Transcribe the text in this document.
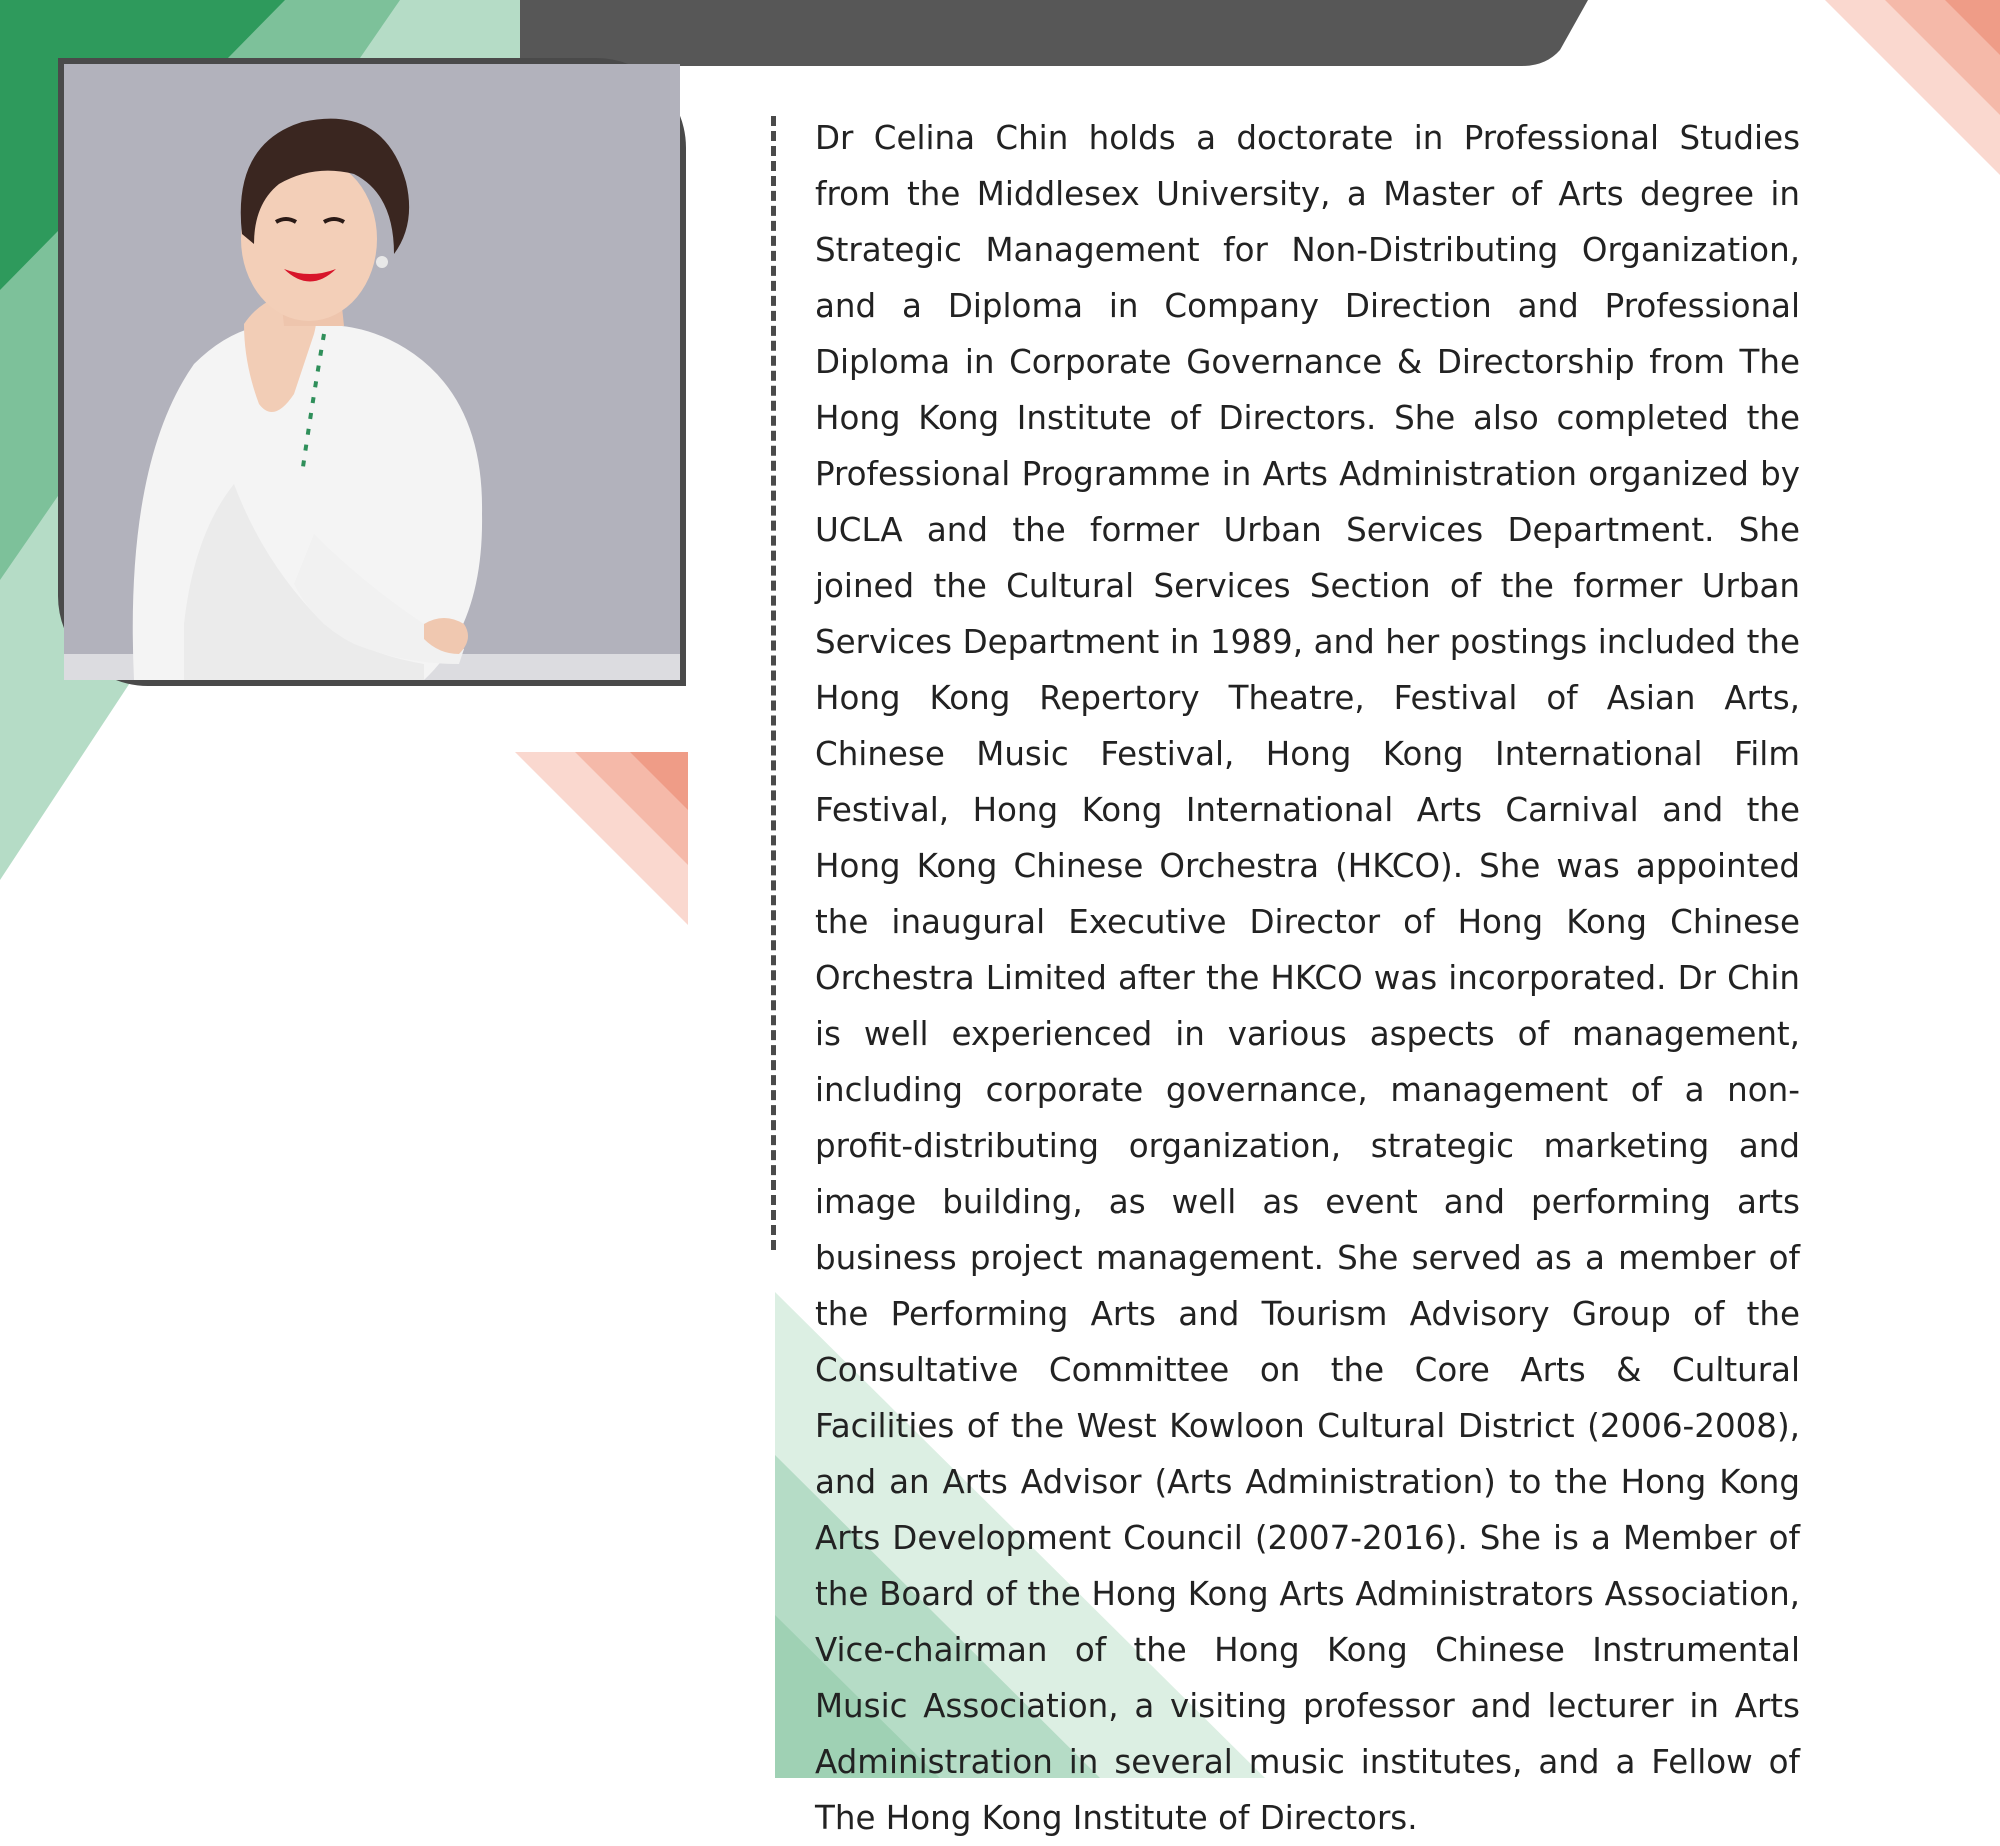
Dr Celina Chin holds a doctorate in Professional Studies from the Middlesex University, a Master of Arts degree in Strategic Management for Non-Distributing Organization, and a Diploma in Company Direction and Professional Diploma in Corporate Governance & Directorship from The Hong Kong Institute of Directors. She also completed the Professional Programme in Arts Administration organized by UCLA and the former Urban Services Department. She joined the Cultural Services Section of the former Urban Services Department in 1989, and her postings included the Hong Kong Repertory Theatre, Festival of Asian Arts, Chinese Music Festival, Hong Kong International Film Festival, Hong Kong International Arts Carnival and the Hong Kong Chinese Orchestra (HKCO). She was appointed the inaugural Executive Director of Hong Kong Chinese Orchestra Limited after the HKCO was incorporated. Dr Chin is well experienced in various aspects of management, including corporate governance, management of a non-profit-distributing organization, strategic marketing and image building, as well as event and performing arts business project management. She served as a member of the Performing Arts and Tourism Advisory Group of the Consultative Committee on the Core Arts & Cultural Facilities of the West Kowloon Cultural District (2006-2008), and an Arts Advisor (Arts Administration) to the Hong Kong Arts Development Council (2007-2016). She is a Member of the Board of the Hong Kong Arts Administrators Association, Vice-chairman of the Hong Kong Chinese Instrumental Music Association, a visiting professor and lecturer in Arts Administration in several music institutes, and a Fellow of The Hong Kong Institute of Directors.
